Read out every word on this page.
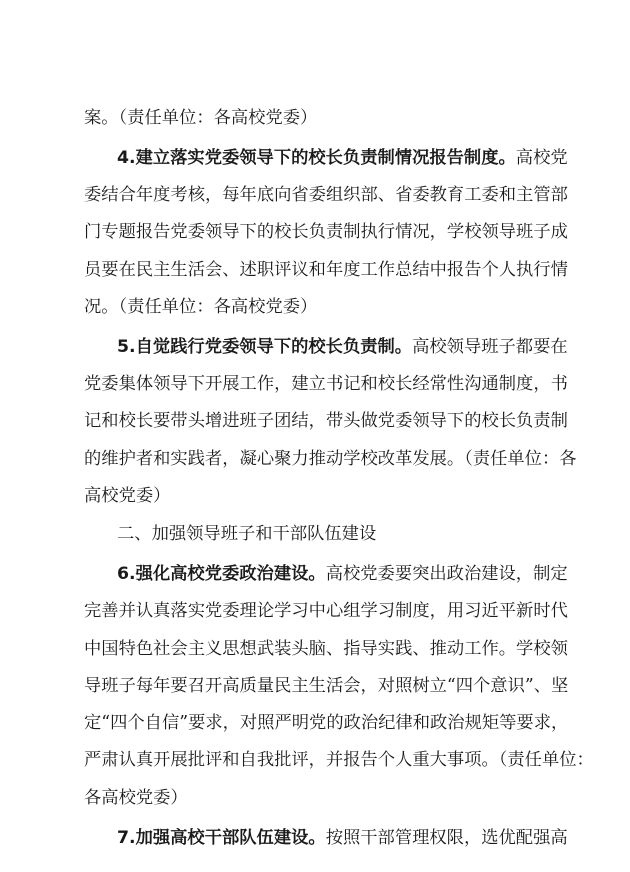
案。（责任单位：各高校党委）
4.建立落实党委领导下的校长负责制情况报告制度。高校党
委结合年度考核，每年底向省委组织部、省委教育工委和主管部
门专题报告党委领导下的校长负责制执行情况，学校领导班子成
员要在民主生活会、述职评议和年度工作总结中报告个人执行情
况。（责任单位：各高校党委）
5.自觉践行党委领导下的校长负责制。高校领导班子都要在
党委集体领导下开展工作，建立书记和校长经常性沟通制度，书
记和校长要带头增进班子团结，带头做党委领导下的校长负责制
的维护者和实践者，凝心聚力推动学校改革发展。（责任单位：各
高校党委）
二、加强领导班子和干部队伍建设
6.强化高校党委政治建设。高校党委要突出政治建设，制定
完善并认真落实党委理论学习中心组学习制度，用习近平新时代
中国特色社会主义思想武装头脑、指导实践、推动工作。学校领
导班子每年要召开高质量民主生活会，对照树立“四个意识”、坚
定“四个自信”要求，对照严明党的政治纪律和政治规矩等要求，
严肃认真开展批评和自我批评，并报告个人重大事项。（责任单位：
各高校党委）
7.加强高校干部队伍建设。按照干部管理权限，选优配强高
